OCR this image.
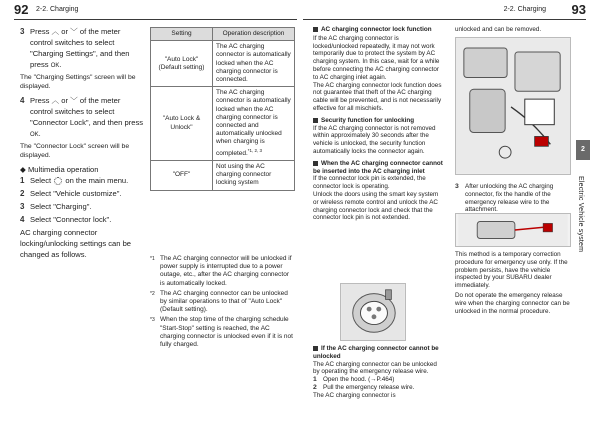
92 2-2. Charging	2-2. Charging 93
2
Electric Vehicle system
3 Press ︿ or ﹀ of the meter control switches to select "Charging Settings", and then press OK.
The "Charging Settings" screen will be displayed.
4 Press ︿ or ﹀ of the meter control switches to select "Connector Lock", and then press OK.
The "Connector Lock" screen will be displayed.
◆ Multimedia operation
1 Select on the main menu.
2 Select "Vehicle customize".
3 Select "Charging".
4 Select "Connector lock".
AC charging connector locking/unlocking settings can be changed as follows.
Setting	Operation description
"Auto Lock" (Default setting)	The AC charging connector is automatically locked when the AC charging connector is connected.
"Auto Lock & Unlock"	The AC charging connector is automatically locked when the AC charging connector is connected and automatically unlocked when charging is completed.$^{*1, 2, 3}$
"OFF"	Not using the AC charging connector locking system
*1 The AC charging connector will be unlocked if power supply is interrupted due to a power outage, etc., after the AC charging connector is automatically locked.
*2 The AC charging connector can be unlocked by similar operations to that of "Auto Lock" (Default setting).
*3 When the stop time of the charging schedule "Start-Stop" setting is reached, the AC charging connector is unlocked even if it is not fully charged.
AC charging connector lock function
If the AC charging connector is locked/unlocked repeatedly, it may not work temporarily due to protect the system by AC charging system. In this case, wait for a while before connecting the AC charging connector to AC charging inlet again.
The AC charging connector lock function does not guarantee that theft of the AC charging cable will be prevented, and is not necessarily effective for all mischiefs.
Security function for unlocking
If the AC charging connector is not removed within approximately 30 seconds after the vehicle is unlocked, the security function automatically locks the connector again.
When the AC charging connector cannot be inserted into the AC charging inlet
If the connector lock pin is extended, the connector lock is operating.
Unlock the doors using the smart key system or wireless remote control and unlock the AC charging connector lock and check that the connector lock pin is not extended.
If the AC charging connector cannot be unlocked
The AC charging connector can be unlocked by operating the emergency release wire.
1 Open the hood. (→P.464)
2 Pull the emergency release wire.
The AC charging connector is
unlocked and can be removed.
3 After unlocking the AC charging connector, fix the handle of the emergency release wire to the attachment.
This method is a temporary correction procedure for emergency use only. If the problem persists, have the vehicle inspected by your SUBARU dealer immediately.
Do not operate the emergency release wire when the charging connector can be unlocked in the normal procedure.
